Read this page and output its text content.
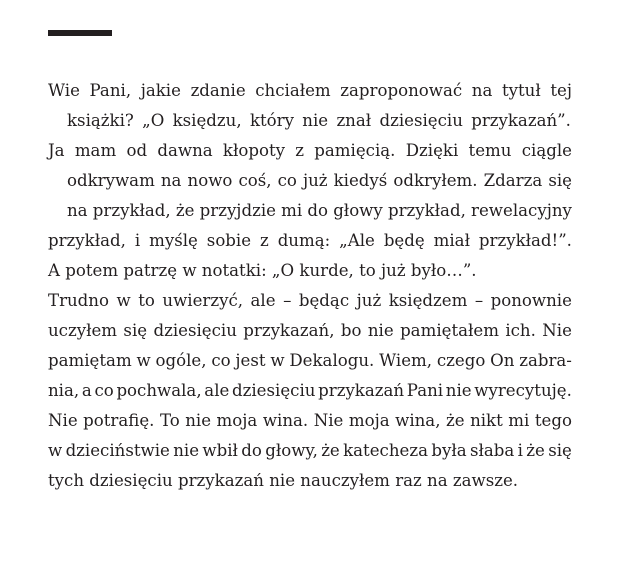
Wie Pani, jakie zdanie chciałem zaproponować na tytuł tej
książki? „O księdzu, który nie znał dziesięciu przykazań”.
Ja mam od dawna kłopoty z pamięcią. Dzięki temu ciągle
odkrywam na nowo coś, co już kiedyś odkryłem. Zdarza się
na przykład, że przyjdzie mi do głowy przykład, rewelacyjny
przykład, i myślę sobie z dumą: „Ale będę miał przykład!”.
A potem patrzę w notatki: „O kurde, to już było…”.
Trudno w to uwierzyć, ale – będąc już księdzem – ponownie
uczyłem się dziesięciu przykazań, bo nie pamiętałem ich. Nie
pamiętam w ogóle, co jest w Dekalogu. Wiem, czego On zabra-
nia, a co pochwala, ale dziesięciu przykazań Pani nie wyrecytuję.
Nie potrafię. To nie moja wina. Nie moja wina, że nikt mi tego
w dzieciństwie nie wbił do głowy, że katecheza była słaba i że się
tych dziesięciu przykazań nie nauczyłem raz na zawsze.
